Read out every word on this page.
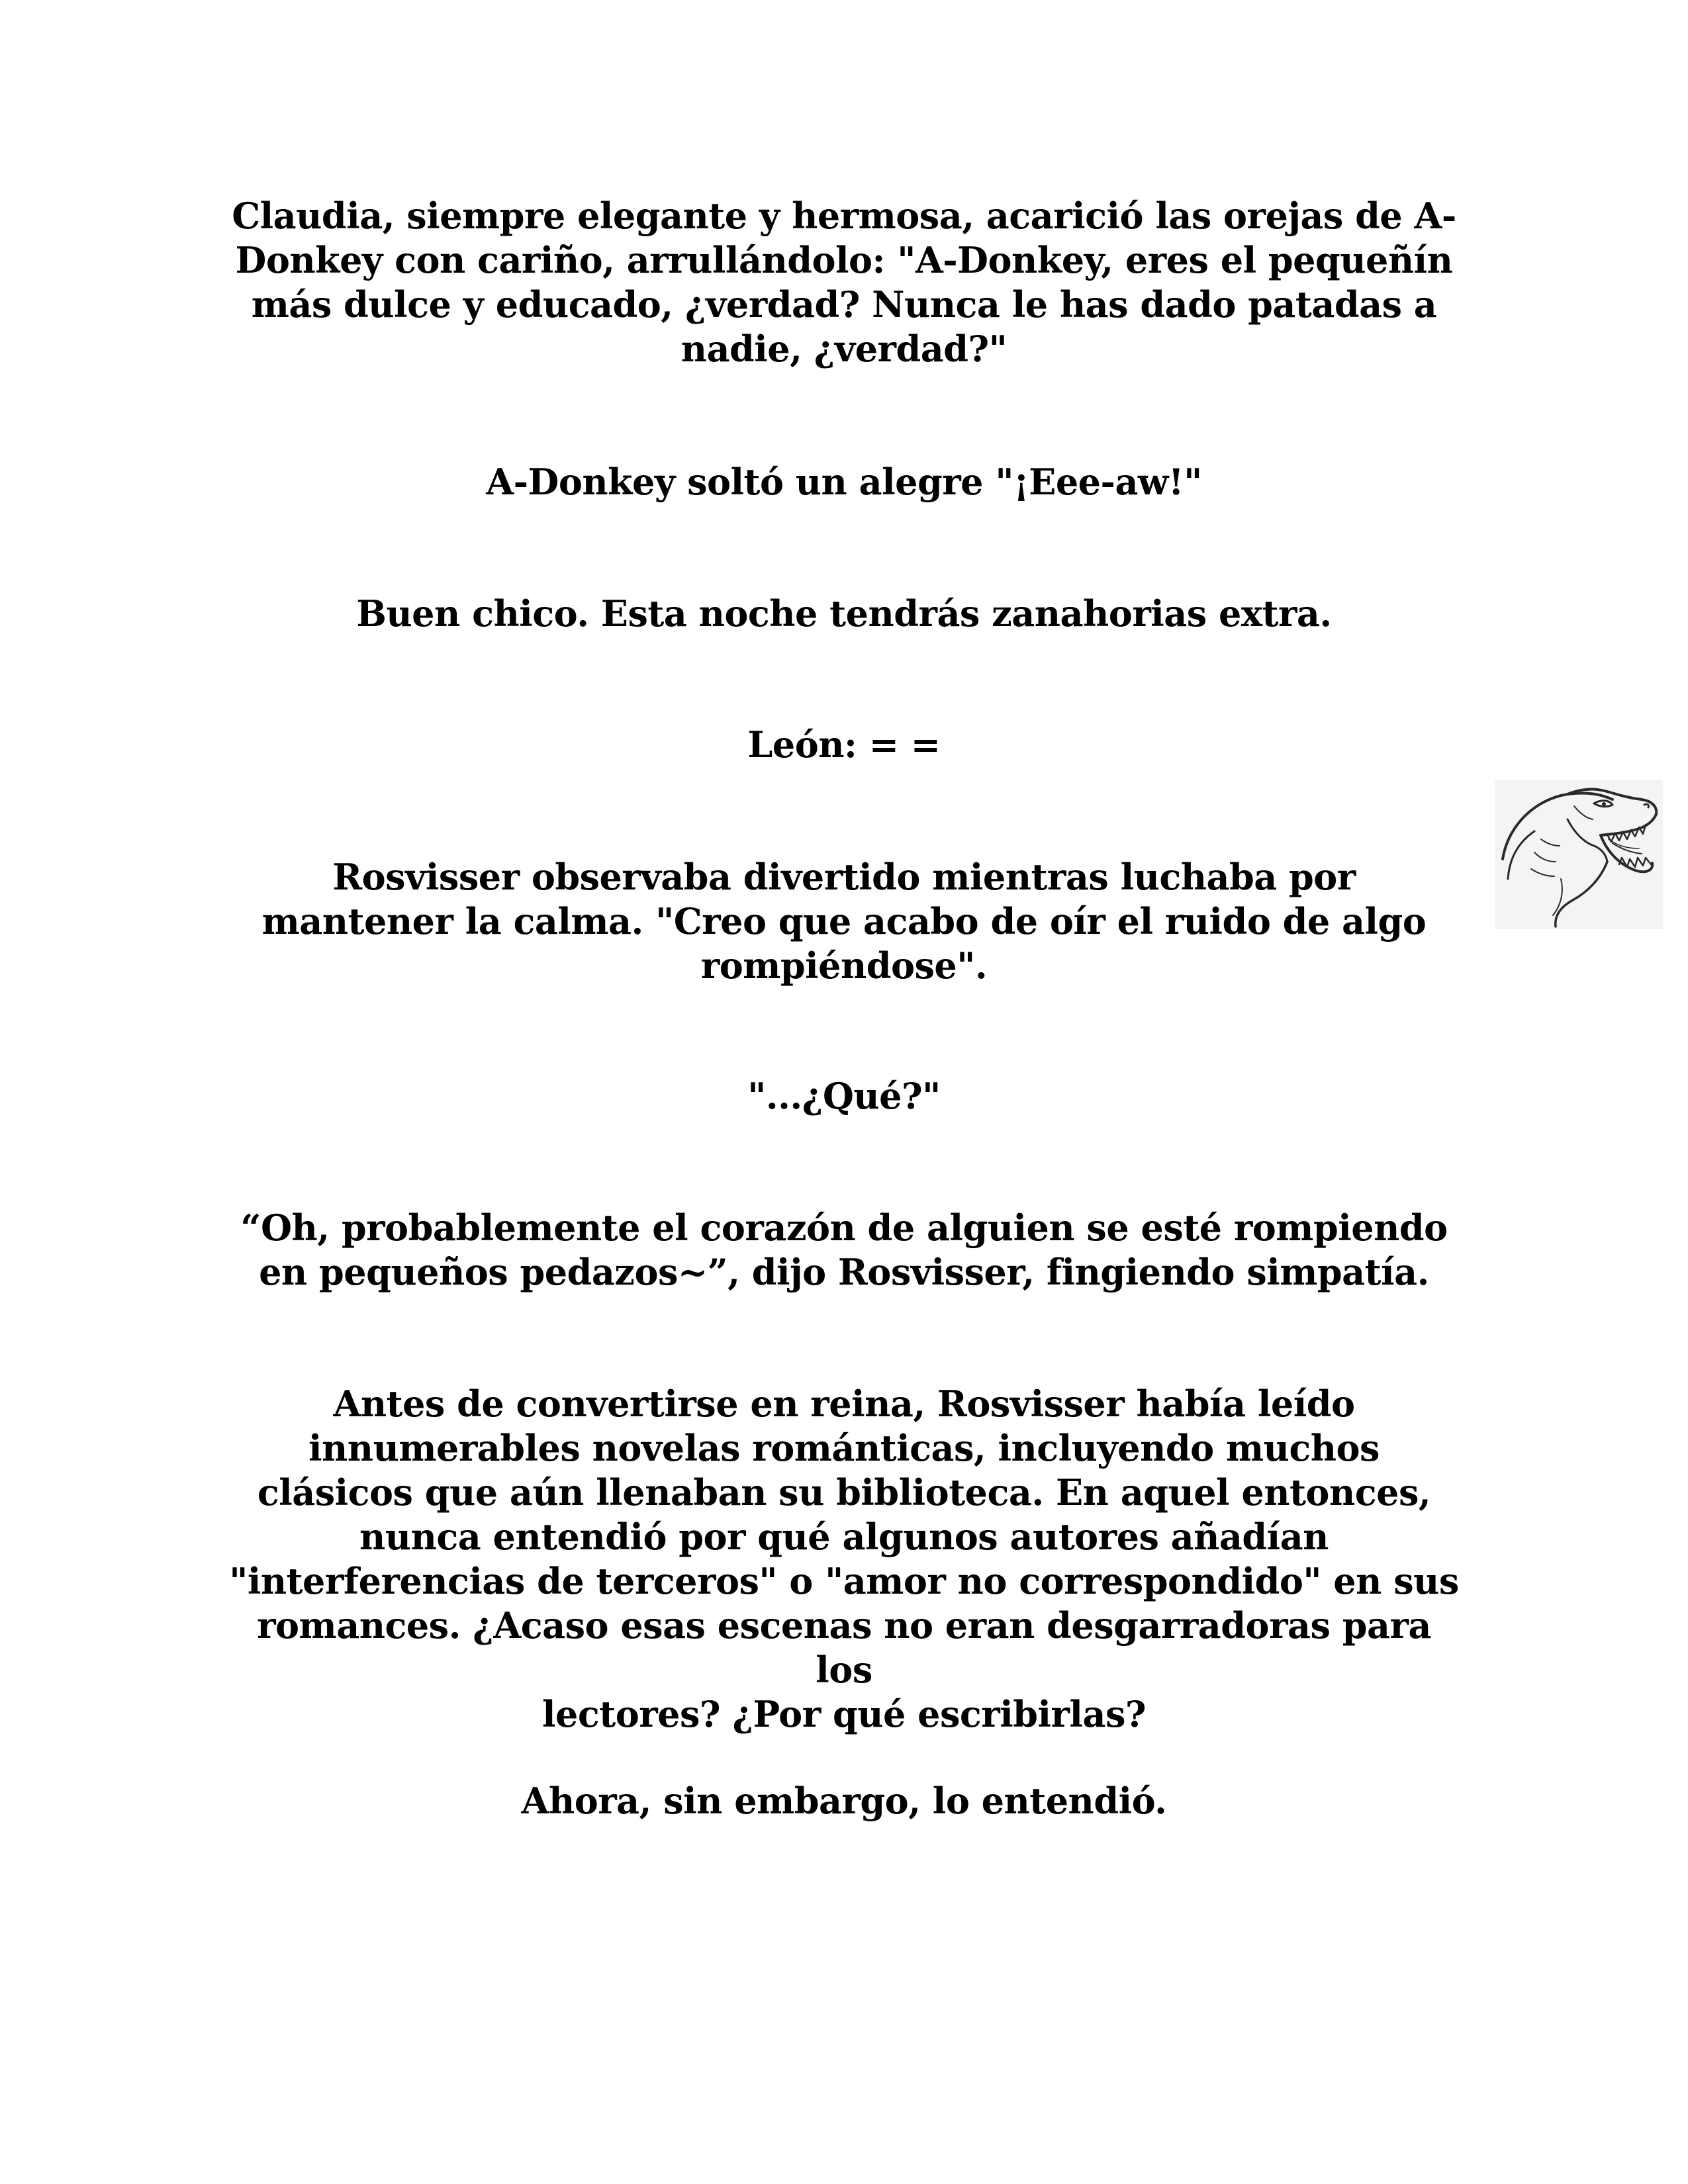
Claudia, siempre elegante y hermosa, acarició las orejas de A-
Donkey con cariño, arrullándolo: "A-Donkey, eres el pequeñín
más dulce y educado, ¿verdad? Nunca le has dado patadas a
nadie, ¿verdad?"

A-Donkey soltó un alegre "¡Eee-aw!"

Buen chico. Esta noche tendrás zanahorias extra.

León: = =

Rosvisser observaba divertido mientras luchaba por
mantener la calma. "Creo que acabo de oír el ruido de algo
rompiéndose".

"...¿Qué?"

“Oh, probablemente el corazón de alguien se esté rompiendo
en pequeños pedazos~”, dijo Rosvisser, fingiendo simpatía.

Antes de convertirse en reina, Rosvisser había leído
innumerables novelas románticas, incluyendo muchos
clásicos que aún llenaban su biblioteca. En aquel entonces,
nunca entendió por qué algunos autores añadían
"interferencias de terceros" o "amor no correspondido" en sus
romances. ¿Acaso esas escenas no eran desgarradoras para los
lectores? ¿Por qué escribirlas?

Ahora, sin embargo, lo entendió.
